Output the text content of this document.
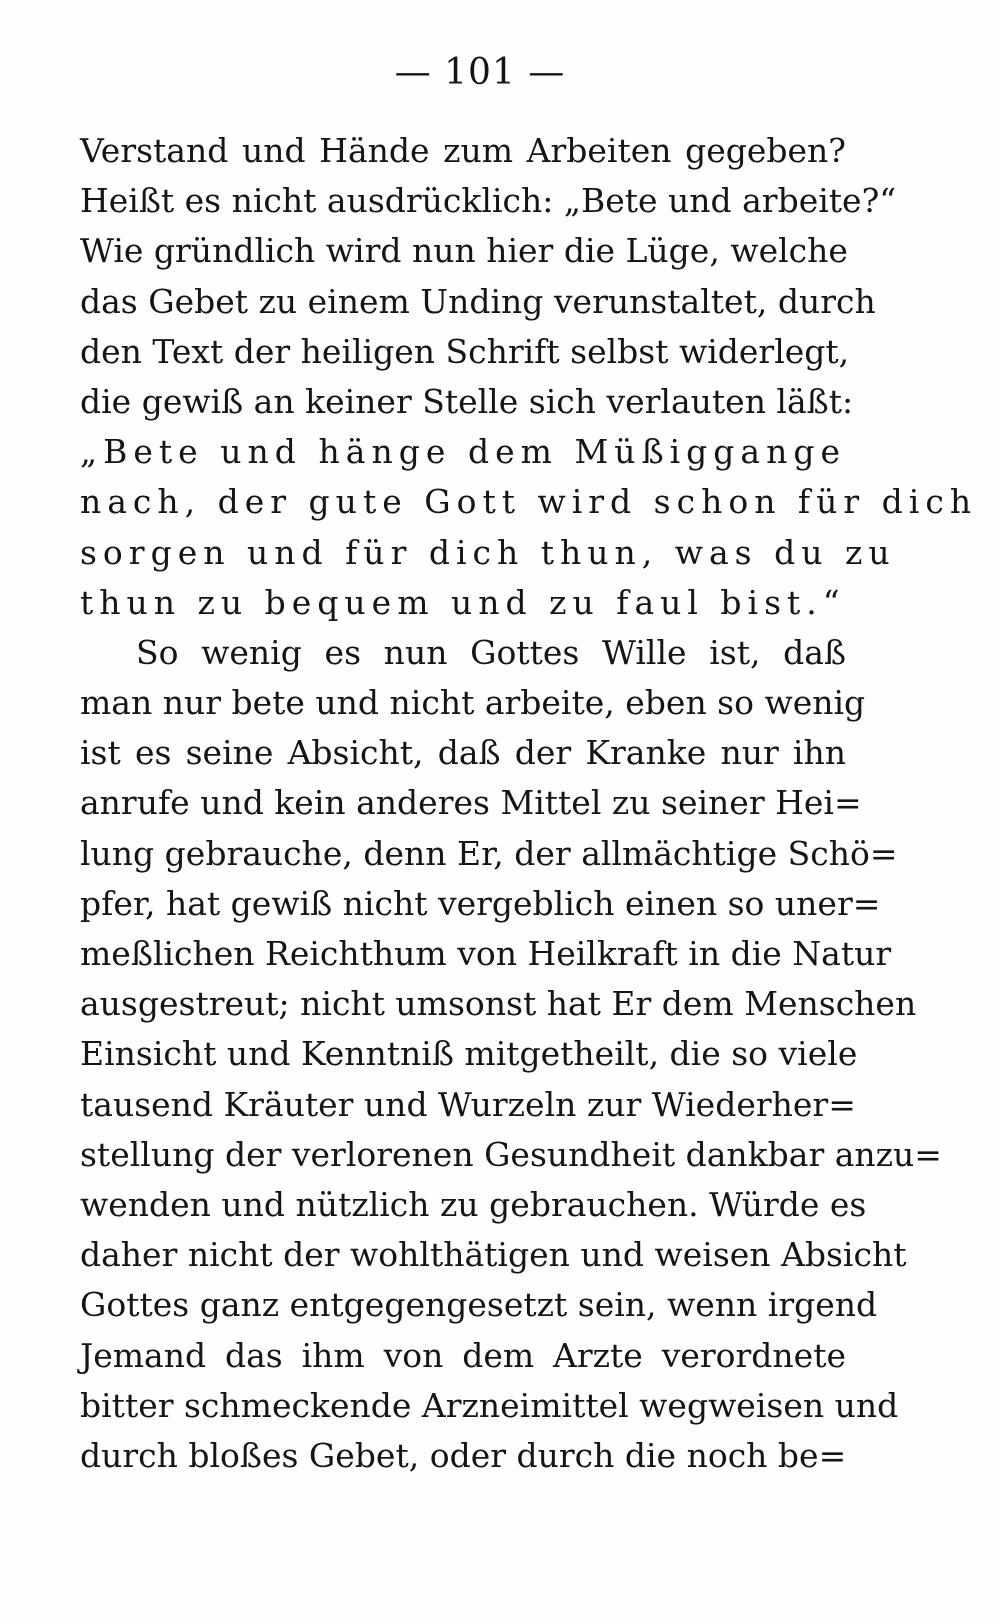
— 101 —
Verstand und Hände zum Arbeiten gegeben?
Heißt es nicht ausdrücklich: „Bete und arbeite?“
Wie gründlich wird nun hier die Lüge, welche
das Gebet zu einem Unding verunstaltet, durch
den Text der heiligen Schrift selbst widerlegt,
die gewiß an keiner Stelle sich verlauten läßt:
„Bete und hänge dem Müßiggange
nach, der gute Gott wird schon für dich
sorgen und für dich thun, was du zu
thun zu bequem und zu faul bist.“
So wenig es nun Gottes Wille ist, daß
man nur bete und nicht arbeite, eben so wenig
ist es seine Absicht, daß der Kranke nur ihn
anrufe und kein anderes Mittel zu seiner Hei=
lung gebrauche, denn Er, der allmächtige Schö=
pfer, hat gewiß nicht vergeblich einen so uner=
meßlichen Reichthum von Heilkraft in die Natur
ausgestreut; nicht umsonst hat Er dem Menschen
Einsicht und Kenntniß mitgetheilt, die so viele
tausend Kräuter und Wurzeln zur Wiederher=
stellung der verlorenen Gesundheit dankbar anzu=
wenden und nützlich zu gebrauchen. Würde es
daher nicht der wohlthätigen und weisen Absicht
Gottes ganz entgegengesetzt sein, wenn irgend
Jemand das ihm von dem Arzte verordnete
bitter schmeckende Arzneimittel wegweisen und
durch bloßes Gebet, oder durch die noch be=
